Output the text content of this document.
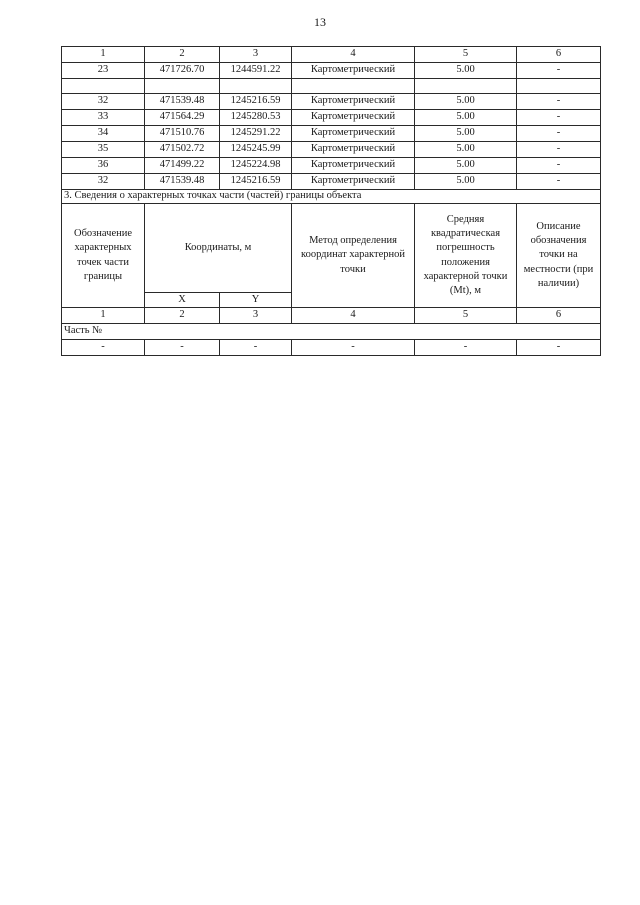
13
1	2	3	4	5	6
23	471726.70	1244591.22	Картометрический	5.00	-

32	471539.48	1245216.59	Картометрический	5.00	-
33	471564.29	1245280.53	Картометрический	5.00	-
34	471510.76	1245291.22	Картометрический	5.00	-
35	471502.72	1245245.99	Картометрический	5.00	-
36	471499.22	1245224.98	Картометрический	5.00	-
32	471539.48	1245216.59	Картометрический	5.00	-
3. Сведения о характерных точках части (частей) границы объекта					
Обозначение характерных точек части границы	Координаты, м		Метод определения координат характерной точки	Средняя квадратическая погрешность положения характерной точки (Mt), м	Описание обозначения точки на местности (при наличии)
	X	Y			
1	2	3	4	5	6
Часть №					
-	-	-	-	-	-
